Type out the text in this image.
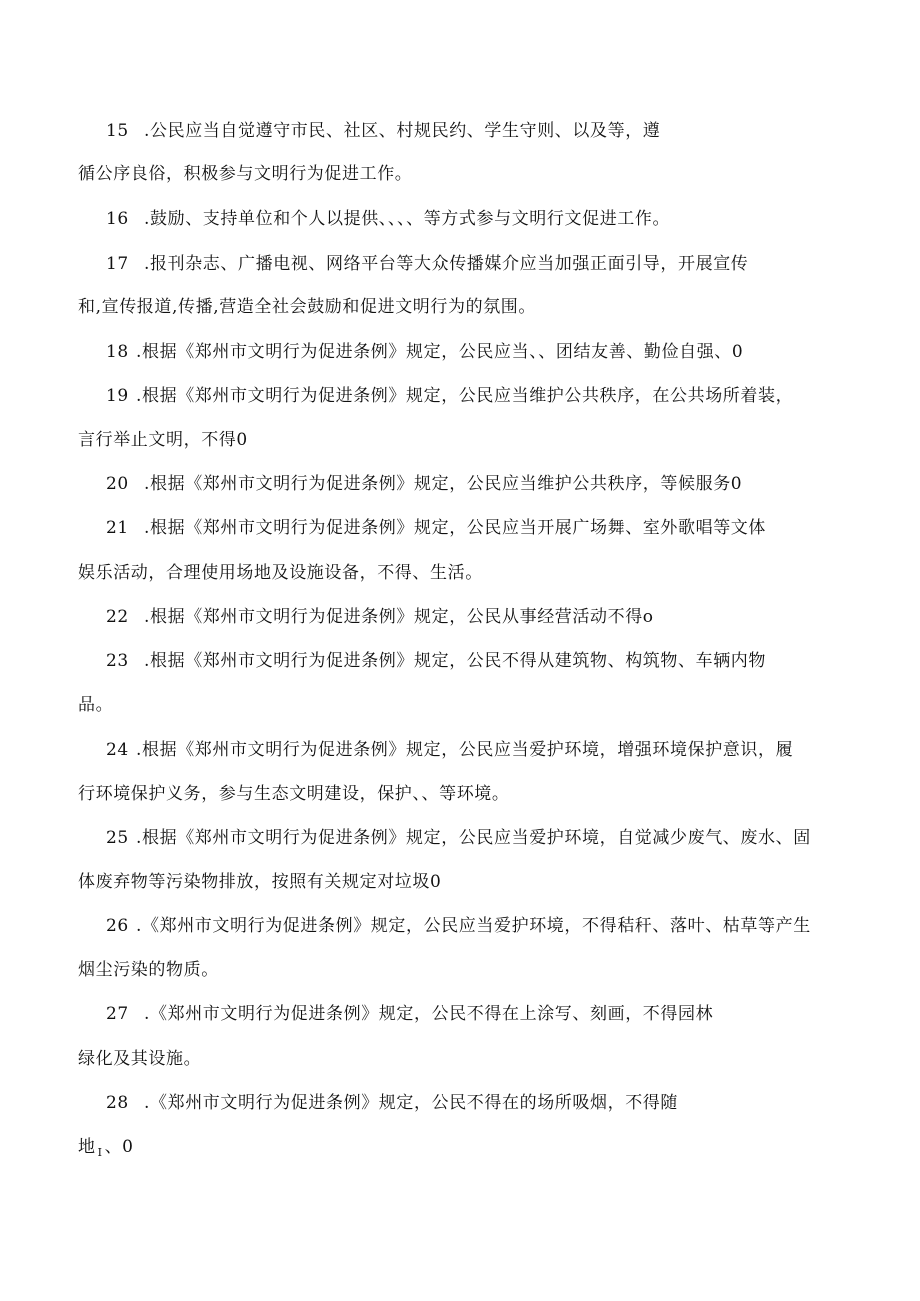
15 .公民应当自觉遵守市民、社区、村规民约、学生守则、以及等，遵
循公序良俗，积极参与文明行为促进工作。
16 .鼓励、支持单位和个人以提供、、、、等方式参与文明行文促进工作。
17 .报刊杂志、广播电视、网络平台等大众传播媒介应当加强正面引导，开展宣传
和,宣传报道,传播,营造全社会鼓励和促进文明行为的氛围。
18 .根据《郑州市文明行为促进条例》规定，公民应当、、团结友善、勤俭自强、0
19 .根据《郑州市文明行为促进条例》规定，公民应当维护公共秩序，在公共场所着装，
言行举止文明，不得0
20 .根据《郑州市文明行为促进条例》规定，公民应当维护公共秩序，等候服务0
21 .根据《郑州市文明行为促进条例》规定，公民应当开展广场舞、室外歌唱等文体
娱乐活动，合理使用场地及设施设备，不得、生活。
22 .根据《郑州市文明行为促进条例》规定，公民从事经营活动不得o
23 .根据《郑州市文明行为促进条例》规定，公民不得从建筑物、构筑物、车辆内物
品。
24 .根据《郑州市文明行为促进条例》规定，公民应当爱护环境，增强环境保护意识，履
行环境保护义务，参与生态文明建设，保护、、等环境。
25 .根据《郑州市文明行为促进条例》规定，公民应当爱护环境，自觉减少废气、废水、固
体废弃物等污染物排放，按照有关规定对垃圾0
26 .《郑州市文明行为促进条例》规定，公民应当爱护环境，不得秸秆、落叶、枯草等产生
烟尘污染的物质。
27 .《郑州市文明行为促进条例》规定，公民不得在上涂写、刻画，不得园林
绿化及其设施。
28 .《郑州市文明行为促进条例》规定，公民不得在的场所吸烟，不得随
地 $_I$ 、0
